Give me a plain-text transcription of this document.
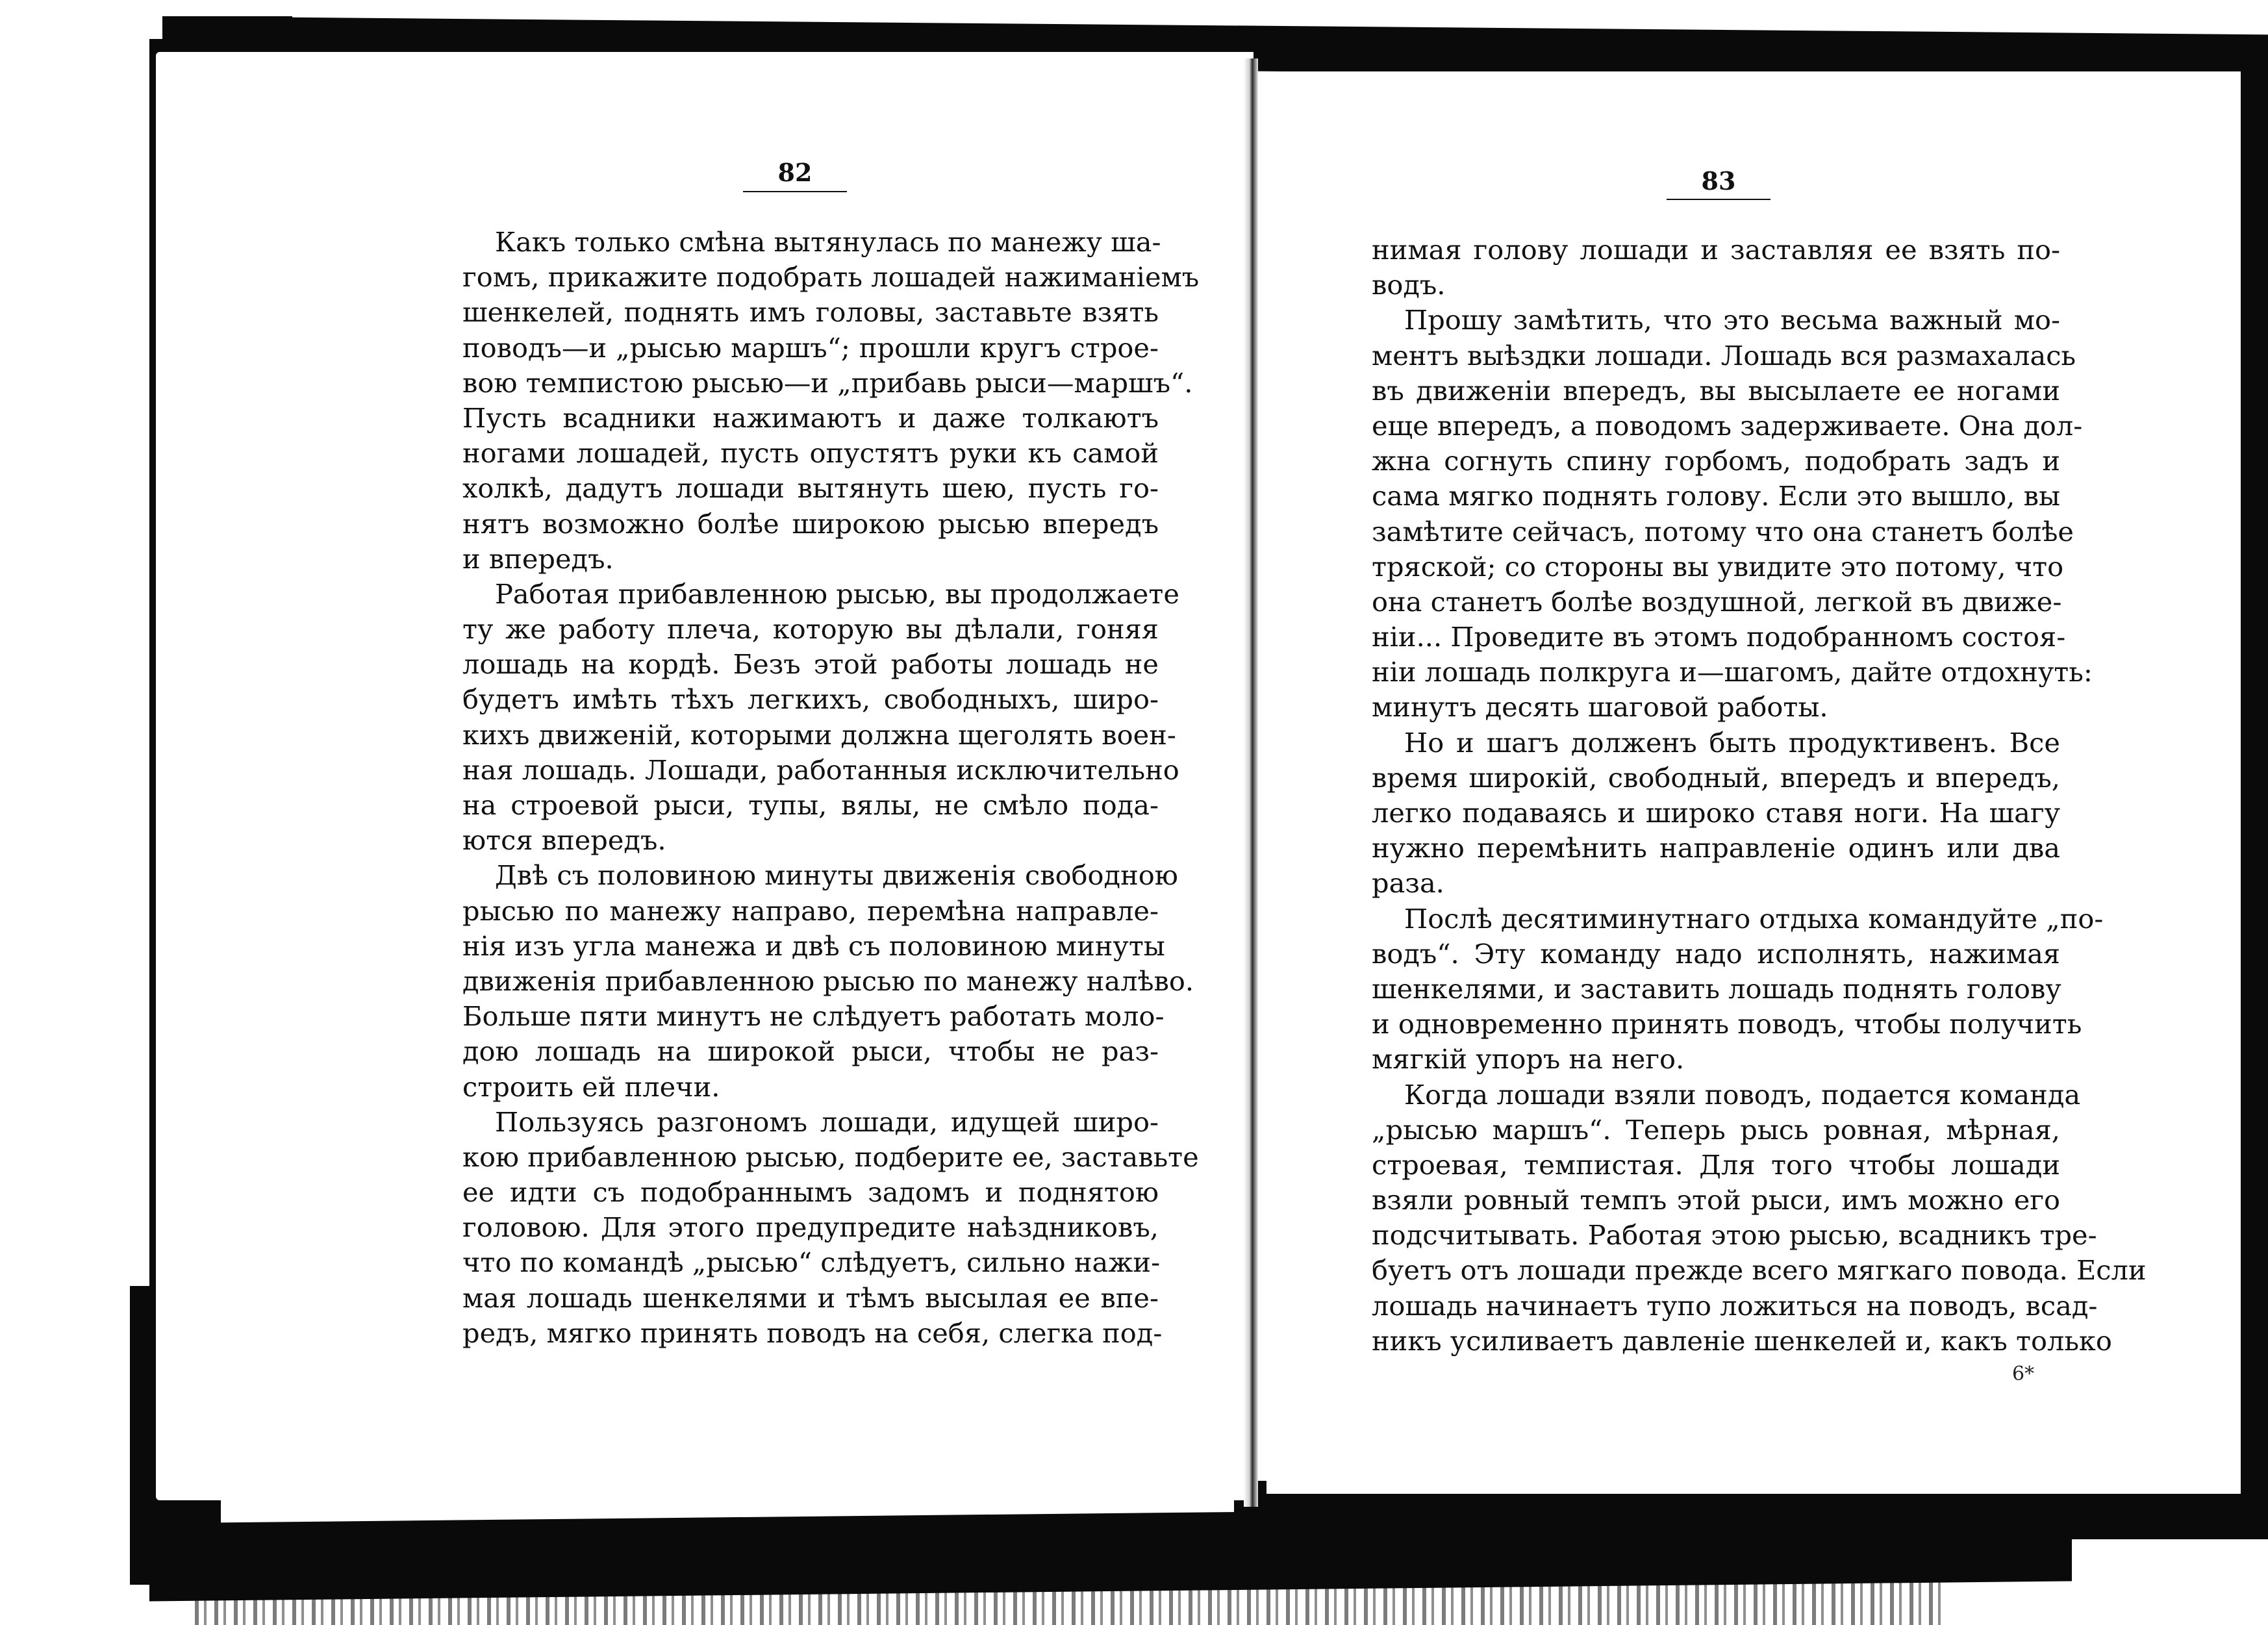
82
Какъ только смѣна вытянулась по манежу ша-
гомъ, прикажите подобрать лошадей нажиманіемъ
шенкелей, поднять имъ головы, заставьте взять
поводъ—и „рысью маршъ“; прошли кругъ строе-
вою темпистою рысью—и „прибавь рыси—маршъ“.
Пусть всадники нажимаютъ и даже толкаютъ
ногами лошадей, пусть опустятъ руки къ самой
холкѣ, дадутъ лошади вытянуть шею, пусть го-
нятъ возможно болѣе широкою рысью впередъ
и впередъ.
Работая прибавленною рысью, вы продолжаете
ту же работу плеча, которую вы дѣлали, гоняя
лошадь на кордѣ. Безъ этой работы лошадь не
будетъ имѣть тѣхъ легкихъ, свободныхъ, широ-
кихъ движеній, которыми должна щеголять воен-
ная лошадь. Лошади, работанныя исключительно
на строевой рыси, тупы, вялы, не смѣло пода-
ются впередъ.
Двѣ съ половиною минуты движенія свободною
рысью по манежу направо, перемѣна направле-
нія изъ угла манежа и двѣ съ половиною минуты
движенія прибавленною рысью по манежу налѣво.
Больше пяти минутъ не слѣдуетъ работать моло-
дою лошадь на широкой рыси, чтобы не раз-
строить ей плечи.
Пользуясь разгономъ лошади, идущей широ-
кою прибавленною рысью, подберите ее, заставьте
ее идти съ подобраннымъ задомъ и поднятою
головою. Для этого предупредите наѣздниковъ,
что по командѣ „рысью“ слѣдуетъ, сильно нажи-
мая лошадь шенкелями и тѣмъ высылая ее впе-
редъ, мягко принять поводъ на себя, слегка под-
83
нимая голову лошади и заставляя ее взять по-
водъ.
Прошу замѣтить, что это весьма важный мо-
ментъ выѣздки лошади. Лошадь вся размахалась
въ движеніи впередъ, вы высылаете ее ногами
еще впередъ, а поводомъ задерживаете. Она дол-
жна согнуть спину горбомъ, подобрать задъ и
сама мягко поднять голову. Если это вышло, вы
замѣтите сейчасъ, потому что она станетъ болѣе
тряской; со стороны вы увидите это потому, что
она станетъ болѣе воздушной, легкой въ движе-
ніи... Проведите въ этомъ подобранномъ состоя-
ніи лошадь полкруга и—шагомъ, дайте отдохнуть:
минутъ десять шаговой работы.
Но и шагъ долженъ быть продуктивенъ. Все
время широкій, свободный, впередъ и впередъ,
легко подаваясь и широко ставя ноги. На шагу
нужно перемѣнить направленіе одинъ или два
раза.
Послѣ десятиминутнаго отдыха командуйте „по-
водъ“. Эту команду надо исполнять, нажимая
шенкелями, и заставить лошадь поднять голову
и одновременно принять поводъ, чтобы получить
мягкій упоръ на него.
Когда лошади взяли поводъ, подается команда
„рысью маршъ“. Теперь рысь ровная, мѣрная,
строевая, темпистая. Для того чтобы лошади
взяли ровный темпъ этой рыси, имъ можно его
подсчитывать. Работая этою рысью, всадникъ тре-
буетъ отъ лошади прежде всего мягкаго повода. Если
лошадь начинаетъ тупо ложиться на поводъ, всад-
никъ усиливаетъ давленіе шенкелей и, какъ только
6*
